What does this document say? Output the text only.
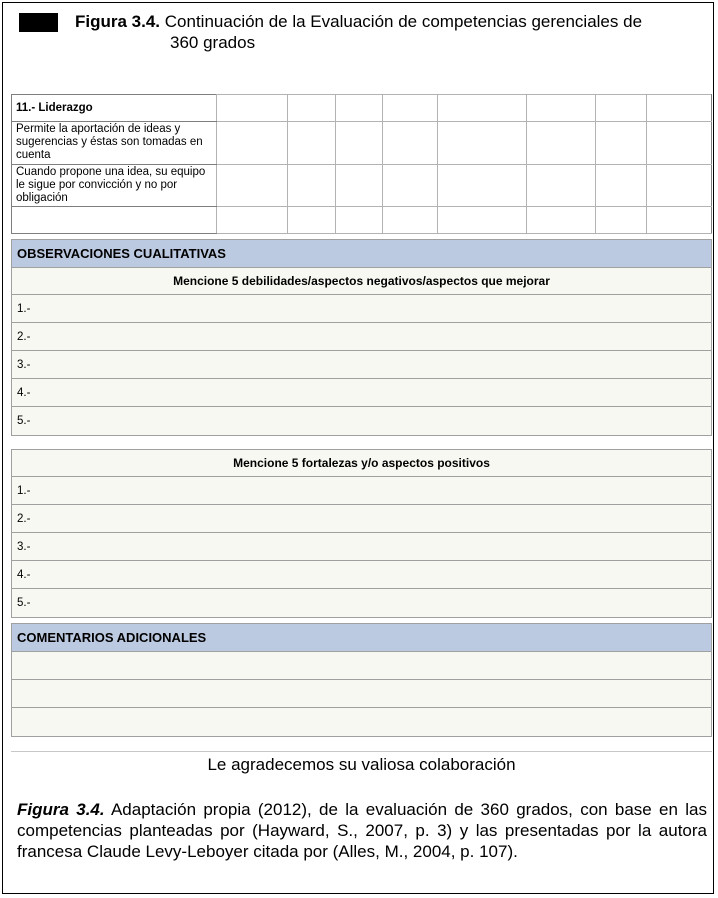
Figura 3.4. Continuación de la Evaluación de competencias gerenciales de
360 grados
11.- Liderazgo								
Permite la aportación de ideas y sugerencias y éstas son tomadas en cuenta								
Cuando propone una idea, su equipo le sigue por convicción y no por obligación								

OBSERVACIONES CUALITATIVAS
Mencione 5 debilidades/aspectos negativos/aspectos que mejorar
1.-
2.-
3.-
4.-
5.-
Mencione 5 fortalezas y/o aspectos positivos
1.-
2.-
3.-
4.-
5.-
COMENTARIOS ADICIONALES
Le agradecemos su valiosa colaboración
Figura 3.4. Adaptación propia (2012), de la evaluación de 360 grados, con base en las competencias planteadas por (Hayward, S., 2007, p. 3) y las presentadas por la autora francesa Claude Levy-Leboyer citada por (Alles, M., 2004, p. 107).
